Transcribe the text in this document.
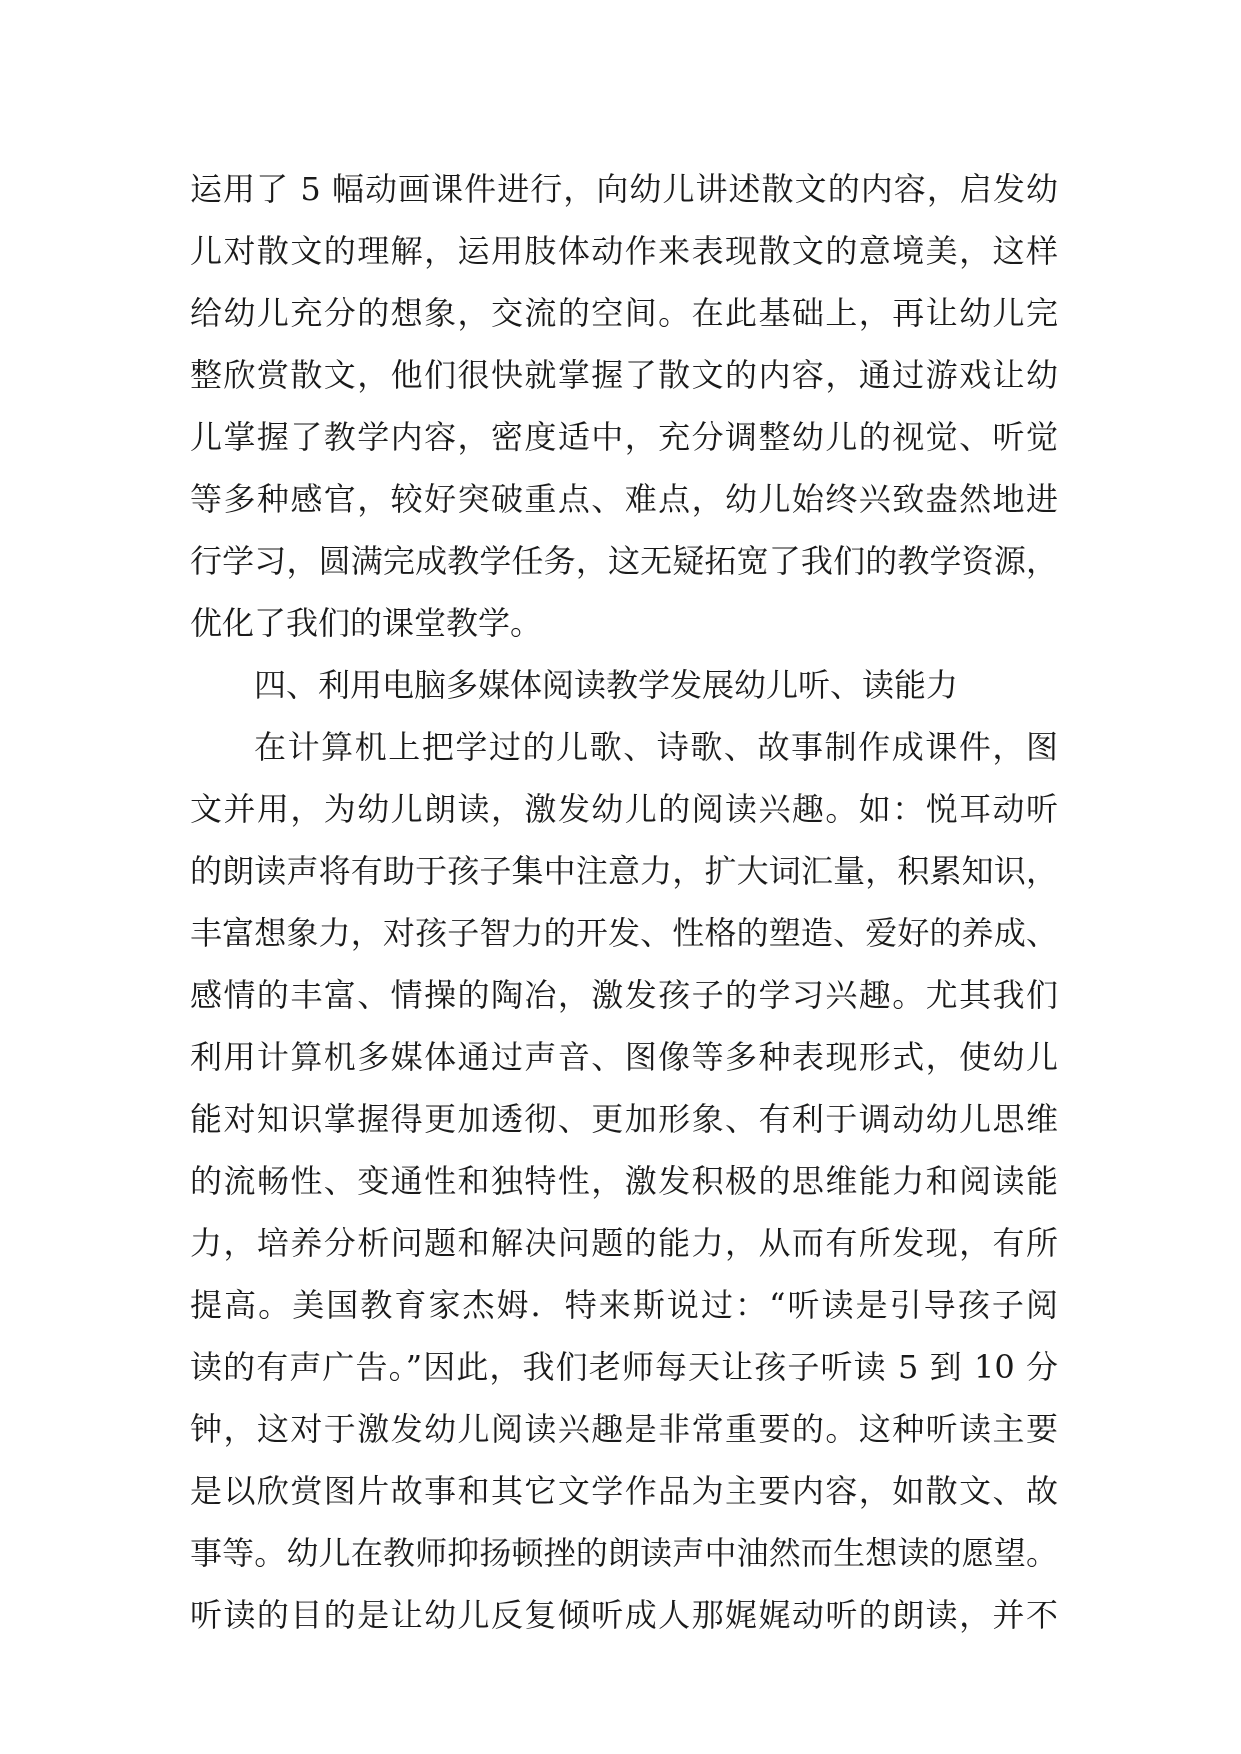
运用了 5 幅动画课件进行，向幼儿讲述散文的内容，启发幼
儿对散文的理解，运用肢体动作来表现散文的意境美，这样
给幼儿充分的想象，交流的空间。在此基础上，再让幼儿完
整欣赏散文，他们很快就掌握了散文的内容，通过游戏让幼
儿掌握了教学内容，密度适中，充分调整幼儿的视觉、听觉
等多种感官，较好突破重点、难点，幼儿始终兴致盎然地进
行学习，圆满完成教学任务，这无疑拓宽了我们的教学资源，
优化了我们的课堂教学。
四、利用电脑多媒体阅读教学发展幼儿听、读能力
在计算机上把学过的儿歌、诗歌、故事制作成课件，图
文并用，为幼儿朗读，激发幼儿的阅读兴趣。如：悦耳动听
的朗读声将有助于孩子集中注意力，扩大词汇量，积累知识，
丰富想象力，对孩子智力的开发、性格的塑造、爱好的养成、
感情的丰富、情操的陶冶，激发孩子的学习兴趣。尤其我们
利用计算机多媒体通过声音、图像等多种表现形式，使幼儿
能对知识掌握得更加透彻、更加形象、有利于调动幼儿思维
的流畅性、变通性和独特性，激发积极的思维能力和阅读能
力，培养分析问题和解决问题的能力，从而有所发现，有所
提高。美国教育家杰姆．特来斯说过：“听读是引导孩子阅
读的有声广告。”因此，我们老师每天让孩子听读 5 到 10 分
钟，这对于激发幼儿阅读兴趣是非常重要的。这种听读主要
是以欣赏图片故事和其它文学作品为主要内容，如散文、故
事等。幼儿在教师抑扬顿挫的朗读声中油然而生想读的愿望。
听读的目的是让幼儿反复倾听成人那娓娓动听的朗读，并不
